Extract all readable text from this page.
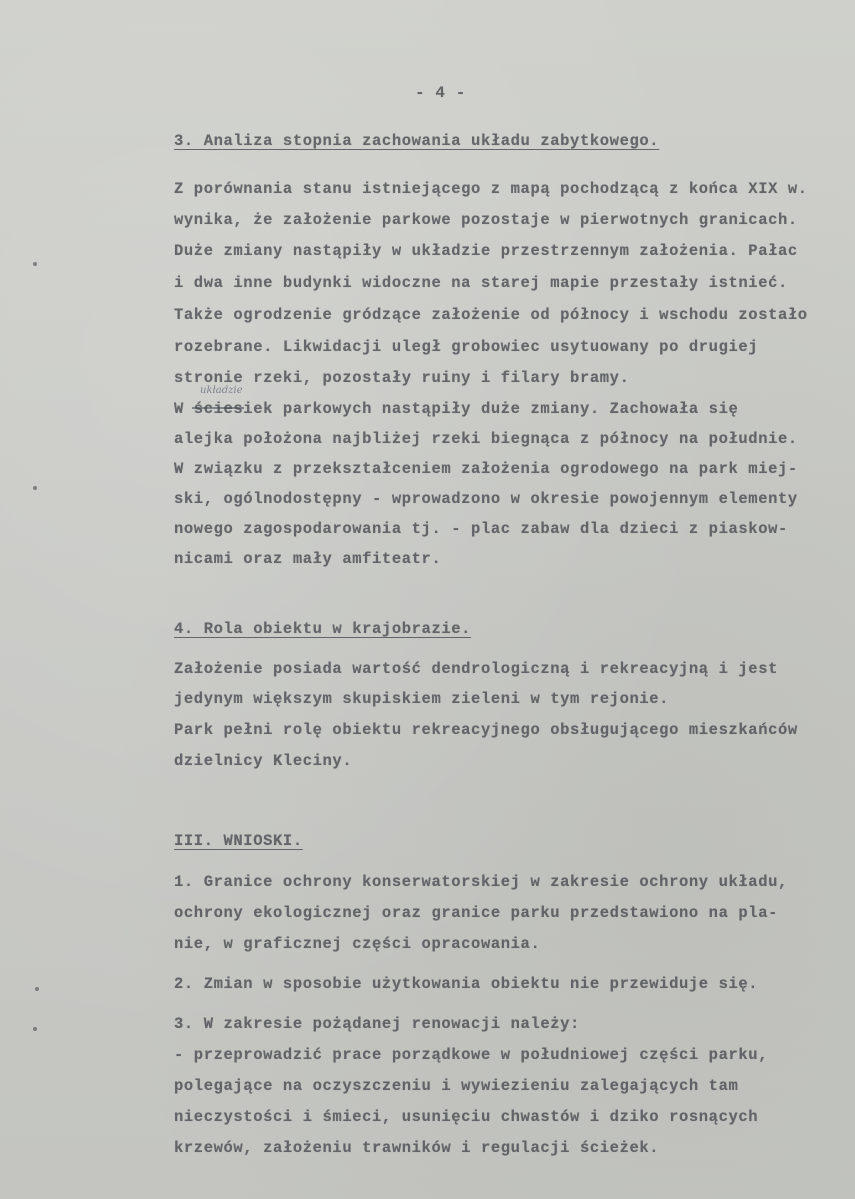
- 4 -
3. Analiza stopnia zachowania układu zabytkowego.
Z porównania stanu istniejącego z mapą pochodzącą z końca XIX w.
wynika, że założenie parkowe pozostaje w pierwotnych granicach.
Duże zmiany nastąpiły w układzie przestrzennym założenia. Pałac
i dwa inne budynki widoczne na starej mapie przestały istnieć.
Także ogrodzenie gródzące założenie od północy i wschodu zostało
rozebrane. Likwidacji uległ grobowiec usytuowany po drugiej
stronie rzeki, pozostały ruiny i filary bramy.
układzie
W ściesiek parkowych nastąpiły duże zmiany. Zachowała się
alejka położona najbliżej rzeki biegnąca z północy na południe.
W związku z przekształceniem założenia ogrodowego na park miej-
ski, ogólnodostępny - wprowadzono w okresie powojennym elementy
nowego zagospodarowania tj. - plac zabaw dla dzieci z piaskow-
nicami oraz mały amfiteatr.
4. Rola obiektu w krajobrazie.
Założenie posiada wartość dendrologiczną i rekreacyjną i jest
jedynym większym skupiskiem zieleni w tym rejonie.
Park pełni rolę obiektu rekreacyjnego obsługującego mieszkańców
dzielnicy Kleciny.
III. WNIOSKI.
1. Granice ochrony konserwatorskiej w zakresie ochrony układu,
ochrony ekologicznej oraz granice parku przedstawiono na pla-
nie, w graficznej części opracowania.
2. Zmian w sposobie użytkowania obiektu nie przewiduje się.
3. W zakresie pożądanej renowacji należy:
- przeprowadzić prace porządkowe w południowej części parku,
polegające na oczyszczeniu i wywiezieniu zalegających tam
nieczystości i śmieci, usunięciu chwastów i dziko rosnących
krzewów, założeniu trawników i regulacji ścieżek.
